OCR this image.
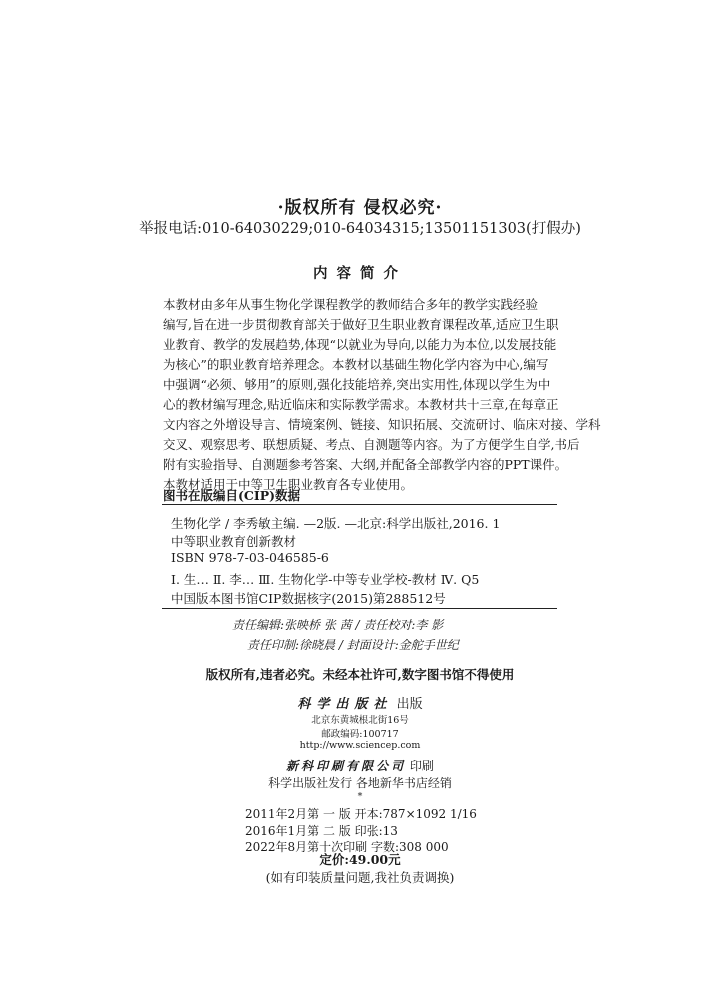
·版权所有 侵权必究·
举报电话:010-64030229;010-64034315;13501151303(打假办)
内容简介
本教材由多年从事生物化学课程教学的教师结合多年的教学实践经验
编写,旨在进一步贯彻教育部关于做好卫生职业教育课程改革,适应卫生职
业教育、教学的发展趋势,体现“以就业为导向,以能力为本位,以发展技能
为核心”的职业教育培养理念。本教材以基础生物化学内容为中心,编写
中强调“必须、够用”的原则,强化技能培养,突出实用性,体现以学生为中
心的教材编写理念,贴近临床和实际教学需求。本教材共十三章,在每章正
文内容之外增设导言、情境案例、链接、知识拓展、交流研讨、临床对接、学科
交叉、观察思考、联想质疑、考点、自测题等内容。为了方便学生自学,书后
附有实验指导、自测题参考答案、大纲,并配备全部教学内容的PPT课件。
本教材适用于中等卫生职业教育各专业使用。
图书在版编目(CIP)数据
生物化学 / 李秀敏主编. —2版. —北京:科学出版社,2016. 1
中等职业教育创新教材
ISBN 978-7-03-046585-6
Ⅰ. 生… Ⅱ. 李… Ⅲ. 生物化学-中等专业学校-教材 Ⅳ. Q5
中国版本图书馆CIP数据核字(2015)第288512号
责任编辑:张映桥 张 茜 / 责任校对:李 影
责任印制:徐晓晨 / 封面设计:金舵手世纪
版权所有,违者必究。未经本社许可,数字图书馆不得使用
科学出版社 出版
北京东黄城根北街16号
邮政编码:100717
http://www.sciencep.com
新科印刷有限公司 印刷
科学出版社发行 各地新华书店经销
*
2011年2月第 一 版 开本:787×1092 1/16
2016年1月第 二 版 印张:13
2022年8月第十次印刷 字数:308 000
定价:49.00元
(如有印装质量问题,我社负责调换)
